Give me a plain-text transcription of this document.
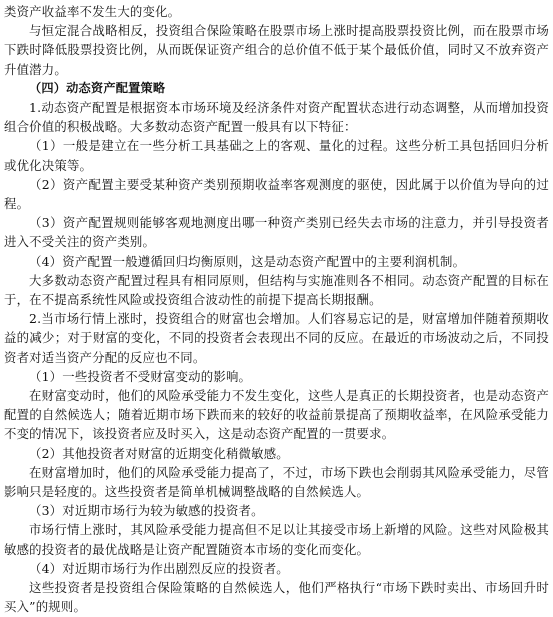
类资产收益率不发生大的变化。

与恒定混合战略相反，投资组合保险策略在股票市场上涨时提高股票投资比例，而在股票市场下跌时降低股票投资比例，从而既保证资产组合的总价值不低于某个最低价值，同时又不放弃资产升值潜力。

（四）动态资产配置策略

1.动态资产配置是根据资本市场环境及经济条件对资产配置状态进行动态调整，从而增加投资组合价值的积极战略。大多数动态资产配置一般具有以下特征：

（1）一般是建立在一些分析工具基础之上的客观、量化的过程。这些分析工具包括回归分析或优化决策等。

（2）资产配置主要受某种资产类别预期收益率客观测度的驱使，因此属于以价值为导向的过程。

（3）资产配置规则能够客观地测度出哪一种资产类别已经失去市场的注意力，并引导投资者进入不受关注的资产类别。

（4）资产配置一般遵循回归均衡原则，这是动态资产配置中的主要利润机制。

大多数动态资产配置过程具有相同原则，但结构与实施准则各不相同。动态资产配置的目标在于，在不提高系统性风险或投资组合波动性的前提下提高长期报酬。

2.当市场行情上涨时，投资组合的财富也会增加。人们容易忘记的是，财富增加伴随着预期收益的减少；对于财富的变化，不同的投资者会表现出不同的反应。在最近的市场波动之后，不同投资者对适当资产分配的反应也不同。

（1）一些投资者不受财富变动的影响。

在财富变动时，他们的风险承受能力不发生变化，这些人是真正的长期投资者，也是动态资产配置的自然候选人；随着近期市场下跌而来的较好的收益前景提高了预期收益率，在风险承受能力不变的情况下，该投资者应及时买入，这是动态资产配置的一贯要求。

（2）其他投资者对财富的近期变化稍微敏感。

在财富增加时，他们的风险承受能力提高了，不过，市场下跌也会削弱其风险承受能力，尽管影响只是轻度的。这些投资者是简单机械调整战略的自然候选人。

（3）对近期市场行为较为敏感的投资者。

市场行情上涨时，其风险承受能力提高但不足以让其接受市场上新增的风险。这些对风险极其敏感的投资者的最优战略是让资产配置随资本市场的变化而变化。

（4）对近期市场行为作出剧烈反应的投资者。

这些投资者是投资组合保险策略的自然候选人，他们严格执行“市场下跌时卖出、市场回升时买入”的规则。
